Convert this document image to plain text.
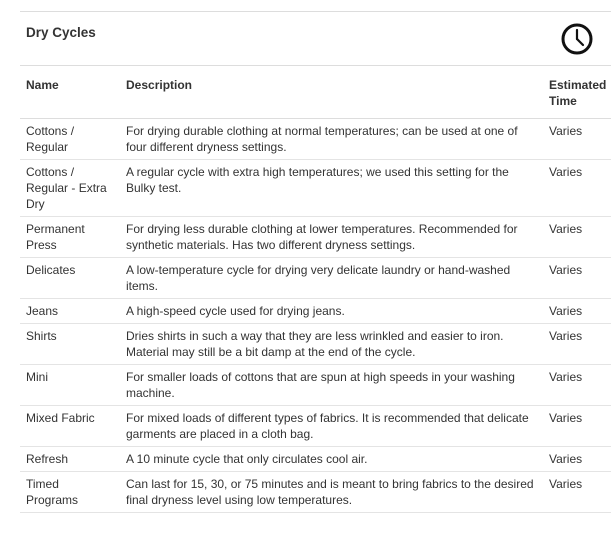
Dry Cycles
Name	Description	Estimated Time
Cottons / Regular	For drying durable clothing at normal temperatures; can be used at one of four different dryness settings.	Varies
Cottons / Regular - Extra Dry	A regular cycle with extra high temperatures; we used this setting for the Bulky test.	Varies
Permanent Press	For drying less durable clothing at lower temperatures. Recommended for synthetic materials. Has two different dryness settings.	Varies
Delicates	A low-temperature cycle for drying very delicate laundry or hand-washed items.	Varies
Jeans	A high-speed cycle used for drying jeans.	Varies
Shirts	Dries shirts in such a way that they are less wrinkled and easier to iron. Material may still be a bit damp at the end of the cycle.	Varies
Mini	For smaller loads of cottons that are spun at high speeds in your washing machine.	Varies
Mixed Fabric	For mixed loads of different types of fabrics. It is recommended that delicate garments are placed in a cloth bag.	Varies
Refresh	A 10 minute cycle that only circulates cool air.	Varies
Timed Programs	Can last for 15, 30, or 75 minutes and is meant to bring fabrics to the desired final dryness level using low temperatures.	Varies
